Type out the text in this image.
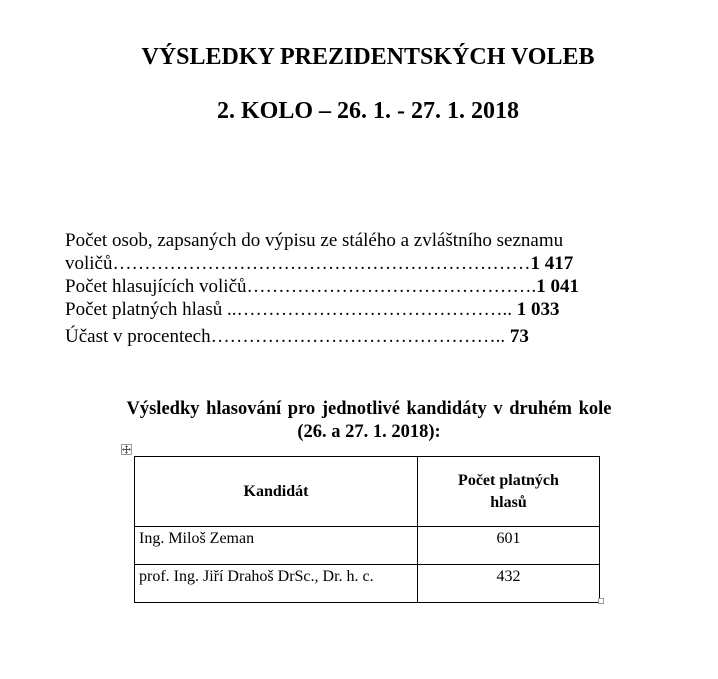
VÝSLEDKY PREZIDENTSKÝCH VOLEB
2. KOLO – 26. 1. - 27. 1. 2018
Počet osob, zapsaných do výpisu ze stálého a zvláštního seznamu
voličů…………………………………………………………1 417
Počet hlasujících voličů……………………………………….1 041
Počet platných hlasů ..…………………………………….. 1 033
Účast v procentech……………………………………….. 73
Výsledky hlasování pro jednotlivé kandidáty v druhém kole
(26. a 27. 1. 2018):
Kandidát	Počet platných hlasů
Ing. Miloš Zeman	601
prof. Ing. Jiří Drahoš DrSc., Dr. h. c.	432
